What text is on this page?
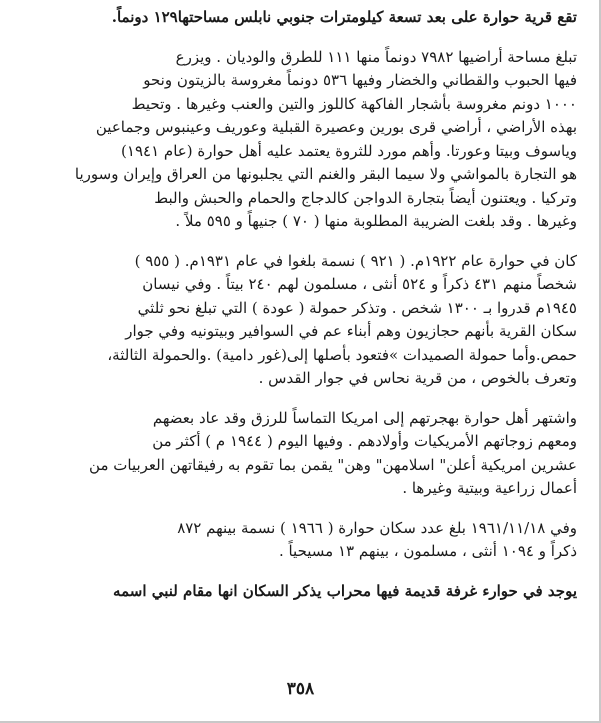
تقع قرية حوارة على بعد تسعة كيلومترات جنوبي نابلس مساحتها١٢٩ دونماً.
تبلغ مساحة أراضيها ٧٩٨٢ دونماً منها ١١١ للطرق والوديان . ويزرع
فيها الحبوب والقطاني والخضار وفيها ٥٣٦ دونماً مغروسة بالزيتون ونحو
١٠٠٠ دونم مغروسة بأشجار الفاكهة كاللوز والتين والعنب وغيرها . وتحيط
بهذه الأراضي ، أراضي قرى بورين وعصيرة القبلية وعوريف وعينبوس وجماعين
وياسوف وبيتا وعورتا. وأهم مورد للثروة يعتمد عليه أهل حوارة (عام ١٩٤١)
هو التجارة بالمواشي ولا سيما البقر والغنم التي يجلبونها من العراق وإيران وسوريا
وتركيا . ويعتنون أيضاً بتجارة الدواجن كالدجاج والحمام والحبش والبط
وغيرها . وقد بلغت الضريبة المطلوبة منها ( ٧٠ ) جنيهاً و ٥٩٥ ملاً .
كان في حوارة عام ١٩٢٢م. ( ٩٢١ ) نسمة بلغوا في عام ١٩٣١م. ( ٩٥٥ )
شخصاً منهم ٤٣١ ذكراً و ٥٢٤ أنثى ، مسلمون لهم ٢٤٠ بيتاً . وفي نيسان
١٩٤٥م قدروا بـ ١٣٠٠ شخص . وتذكر حمولة ( عودة ) التي تبلغ نحو ثلثي
سكان القرية بأنهم حجازيون وهم أبناء عم في السوافير وبيتونيه وفي جوار
حمص.وأما حمولة الصميدات »فتعود بأصلها إلى(غور دامية) .والحمولة الثالثة،
وتعرف بالخوص ، من قرية نحاس في جوار القدس .
واشتهر أهل حوارة بهجرتهم إلى امريكا التماساً للرزق وقد عاد بعضهم
ومعهم زوجاتهم الأمريكيات وأولادهم . وفيها اليوم ( ١٩٤٤ م ) أكثر من
عشرين امريكية أعلن" اسلامهن" وهن" يقمن بما تقوم به رفيقاتهن العربيات من
أعمال زراعية وبيتية وغيرها .
وفي ١٩٦١/١١/١٨ بلغ عدد سكان حوارة ( ١٩٦٦ ) نسمة بينهم ٨٧٢
ذكراً و ١٠٩٤ أنثى ، مسلمون ، بينهم ١٣ مسيحياً .
يوجد في حوارء غرفة قديمة فيها محراب يذكر السكان انها مقام لنبي اسمه
٣٥٨
